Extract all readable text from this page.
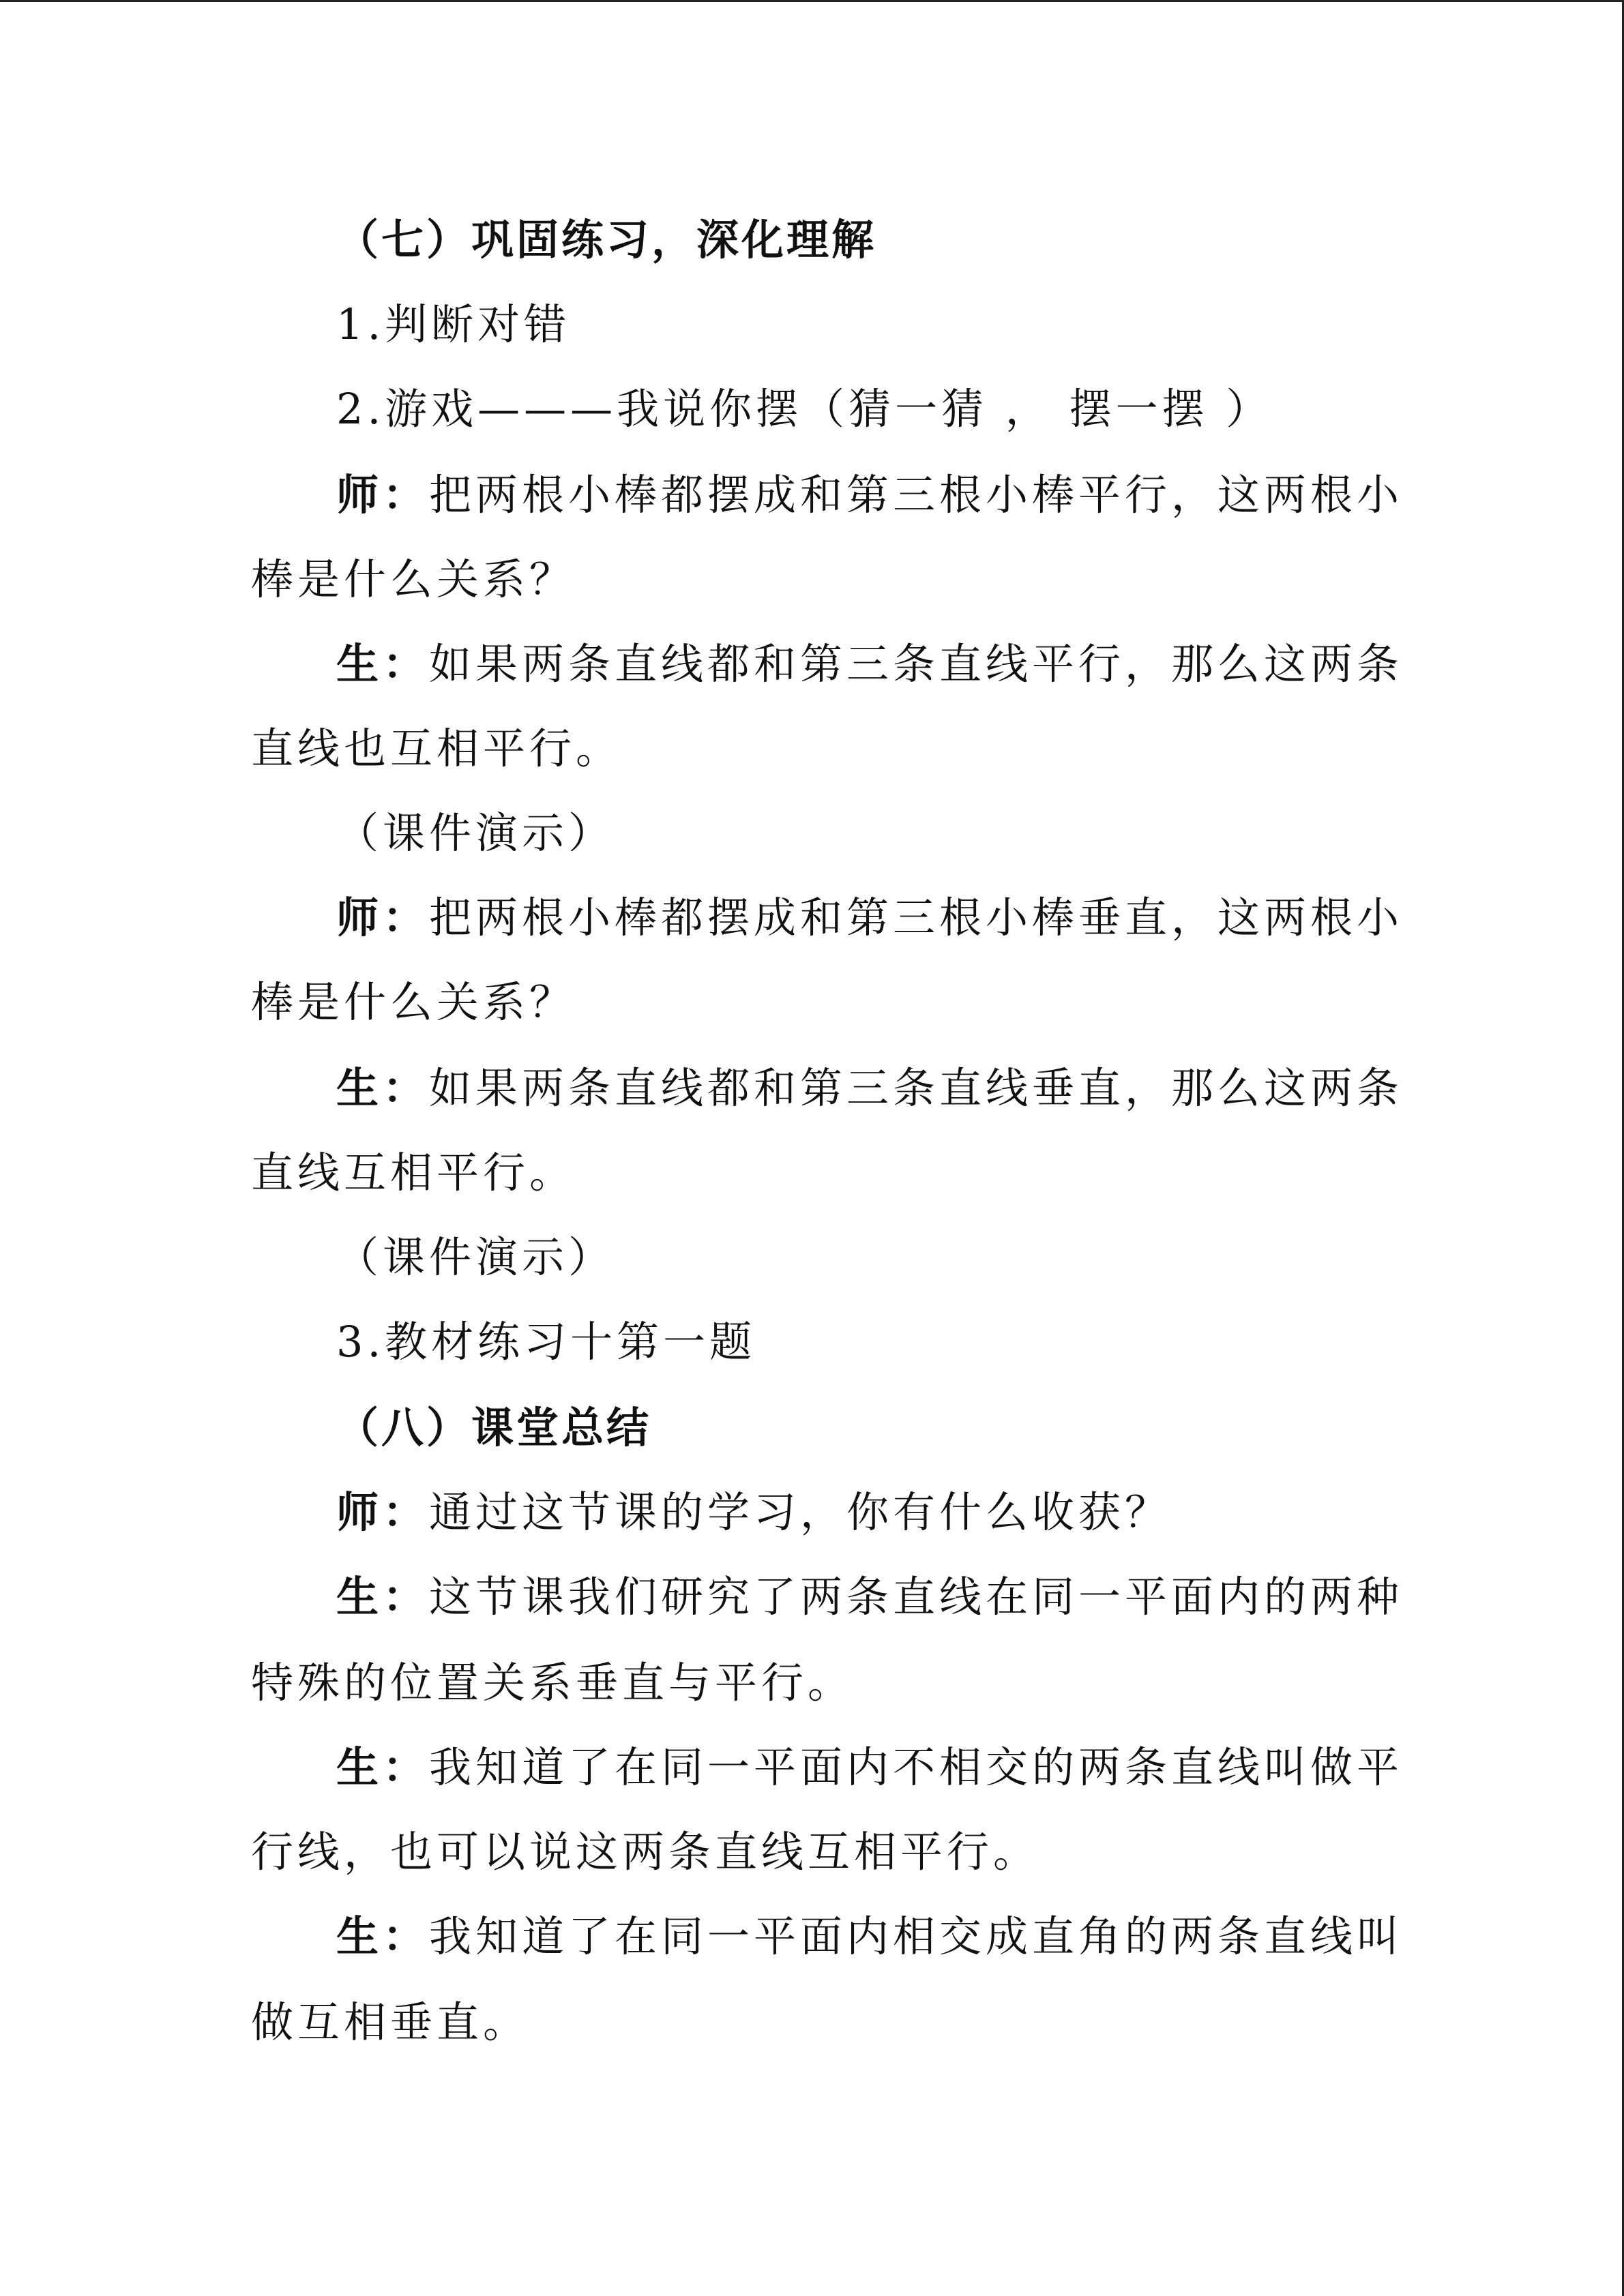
（七）巩固练习，深化理解
1.判断对错
2.游戏———我说你摆（猜一猜 ， 摆一摆 ）
师：把两根小棒都摆成和第三根小棒平行，这两根小
棒是什么关系？
生：如果两条直线都和第三条直线平行，那么这两条
直线也互相平行。
（课件演示）
师：把两根小棒都摆成和第三根小棒垂直，这两根小
棒是什么关系？
生：如果两条直线都和第三条直线垂直，那么这两条
直线互相平行。
（课件演示）
3.教材练习十第一题
（八）课堂总结
师：通过这节课的学习，你有什么收获？
生：这节课我们研究了两条直线在同一平面内的两种
特殊的位置关系垂直与平行。
生：我知道了在同一平面内不相交的两条直线叫做平
行线，也可以说这两条直线互相平行。
生：我知道了在同一平面内相交成直角的两条直线叫
做互相垂直。
